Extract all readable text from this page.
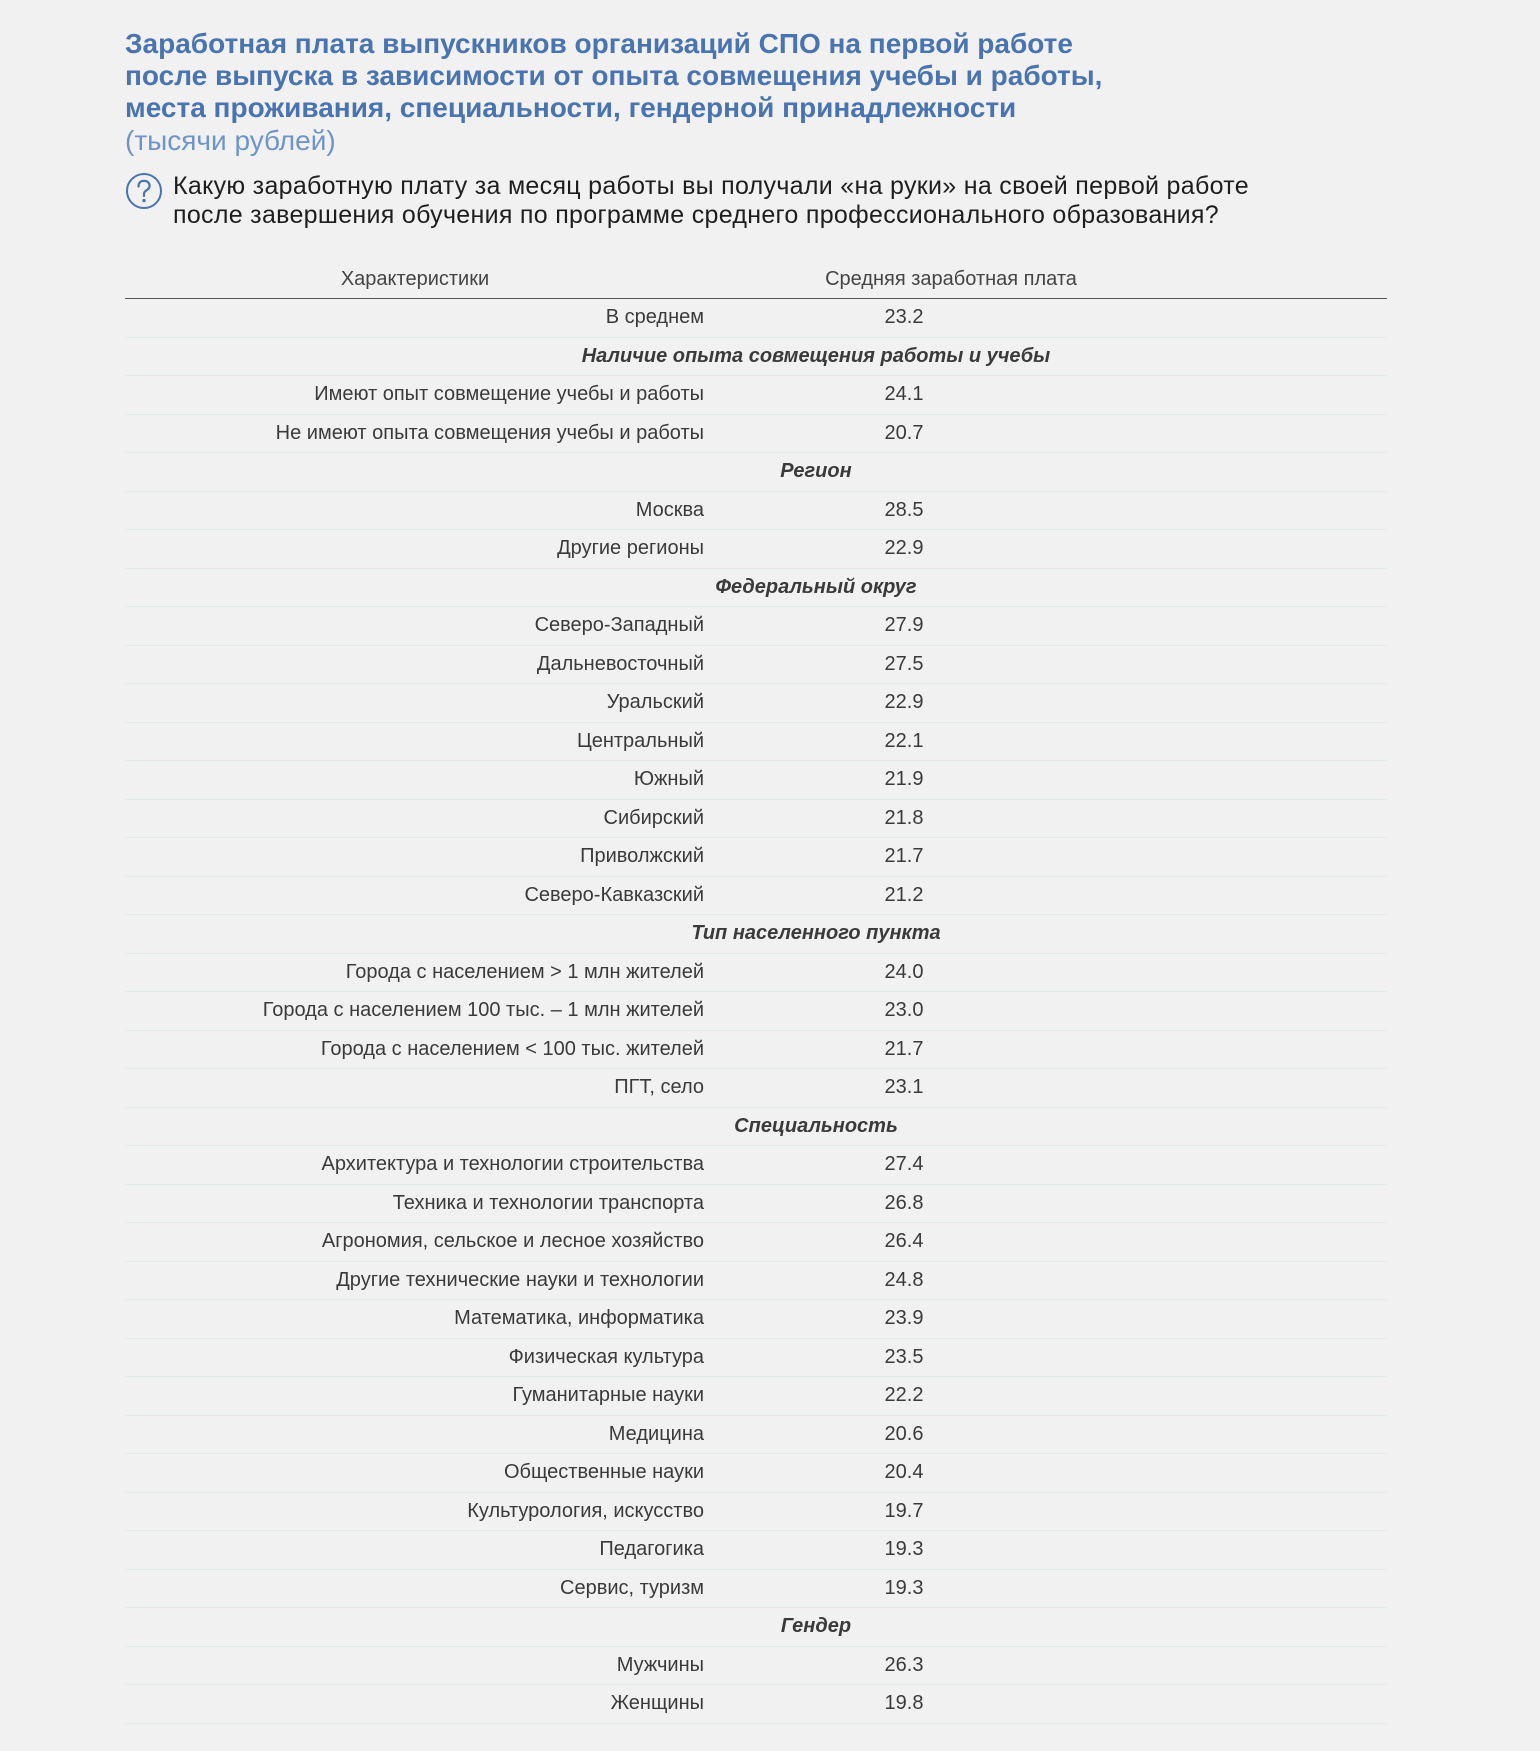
Заработная плата выпускников организаций СПО на первой работе
после выпуска в зависимости от опыта совмещения учебы и работы,
места проживания, специальности, гендерной принадлежности
(тысячи рублей)
Какую заработную плату за месяц работы вы получали «на руки» на своей первой работе
после завершения обучения по программе среднего профессионального образования?
Характеристики	Средняя заработная плата
В среднем	23.2
Наличие опыта совмещения работы и учебы
Имеют опыт совмещение учебы и работы	24.1
Не имеют опыта совмещения учебы и работы	20.7
Регион
Москва	28.5
Другие регионы	22.9
Федеральный округ
Северо-Западный	27.9
Дальневосточный	27.5
Уральский	22.9
Центральный	22.1
Южный	21.9
Сибирский	21.8
Приволжский	21.7
Северо-Кавказский	21.2
Тип населенного пункта
Города с населением > 1 млн жителей	24.0
Города с населением 100 тыс. – 1 млн жителей	23.0
Города с населением < 100 тыс. жителей	21.7
ПГТ, село	23.1
Специальность
Архитектура и технологии строительства	27.4
Техника и технологии транспорта	26.8
Агрономия, сельское и лесное хозяйство	26.4
Другие технические науки и технологии	24.8
Математика, информатика	23.9
Физическая культура	23.5
Гуманитарные науки	22.2
Медицина	20.6
Общественные науки	20.4
Культурология, искусство	19.7
Педагогика	19.3
Сервис, туризм	19.3
Гендер
Мужчины	26.3
Женщины	19.8
